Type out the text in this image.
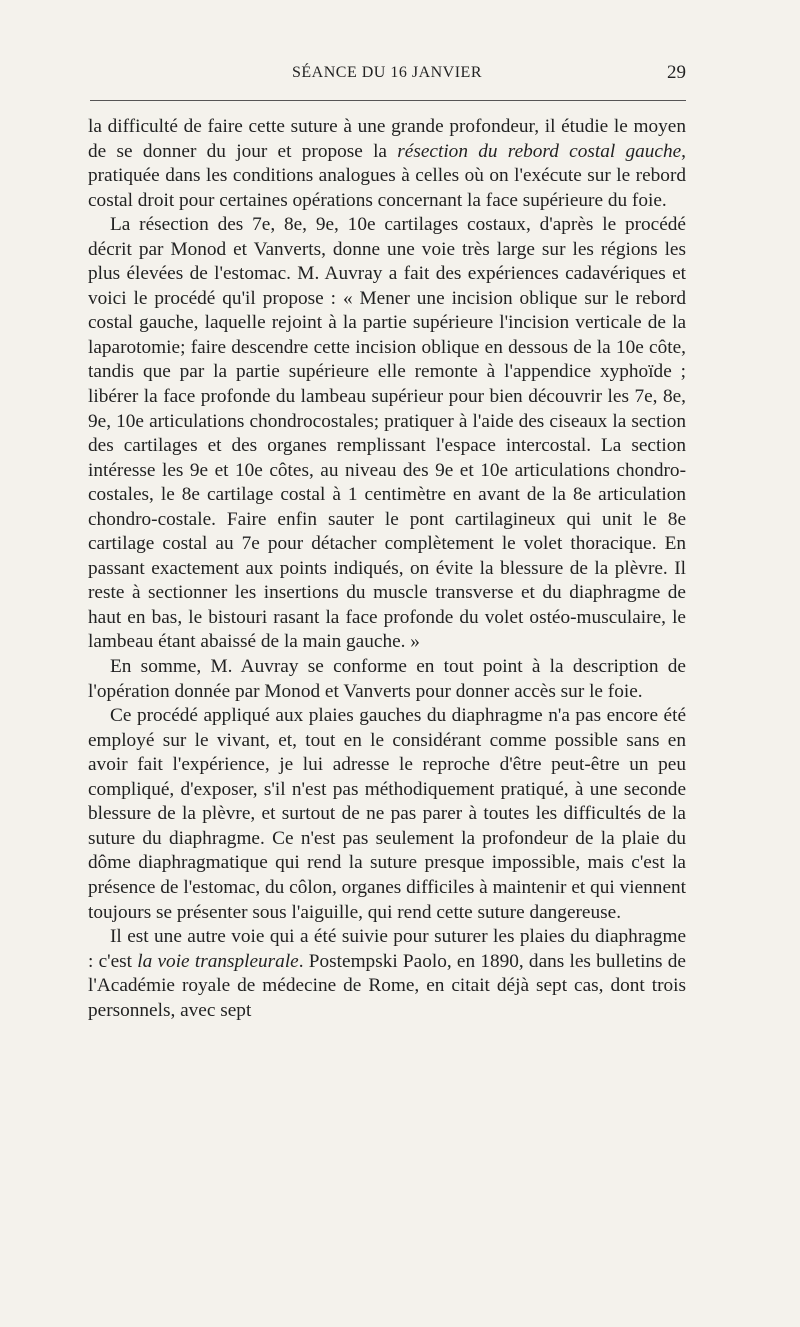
SÉANCE DU 16 JANVIER	29

la difficulté de faire cette suture à une grande profondeur, il étudie le moyen de se donner du jour et propose la résection du rebord costal gauche, pratiquée dans les conditions analogues à celles où on l'exécute sur le rebord costal droit pour certaines opérations concernant la face supérieure du foie.

La résection des 7e, 8e, 9e, 10e cartilages costaux, d'après le procédé décrit par Monod et Vanverts, donne une voie très large sur les régions les plus élevées de l'estomac. M. Auvray a fait des expériences cadavériques et voici le procédé qu'il propose : « Mener une incision oblique sur le rebord costal gauche, laquelle rejoint à la partie supérieure l'incision verticale de la laparotomie; faire descendre cette incision oblique en dessous de la 10e côte, tandis que par la partie supérieure elle remonte à l'appendice xyphoïde ; libérer la face profonde du lambeau supérieur pour bien découvrir les 7e, 8e, 9e, 10e articulations chondrocostales; pratiquer à l'aide des ciseaux la section des cartilages et des organes remplissant l'espace intercostal. La section intéresse les 9e et 10e côtes, au niveau des 9e et 10e articulations chondro-costales, le 8e cartilage costal à 1 centimètre en avant de la 8e articulation chondro-costale. Faire enfin sauter le pont cartilagineux qui unit le 8e cartilage costal au 7e pour détacher complètement le volet thoracique. En passant exactement aux points indiqués, on évite la blessure de la plèvre. Il reste à sectionner les insertions du muscle transverse et du diaphragme de haut en bas, le bistouri rasant la face profonde du volet ostéo-musculaire, le lambeau étant abaissé de la main gauche. »

En somme, M. Auvray se conforme en tout point à la description de l'opération donnée par Monod et Vanverts pour donner accès sur le foie.

Ce procédé appliqué aux plaies gauches du diaphragme n'a pas encore été employé sur le vivant, et, tout en le considérant comme possible sans en avoir fait l'expérience, je lui adresse le reproche d'être peut-être un peu compliqué, d'exposer, s'il n'est pas méthodiquement pratiqué, à une seconde blessure de la plèvre, et surtout de ne pas parer à toutes les difficultés de la suture du diaphragme. Ce n'est pas seulement la profondeur de la plaie du dôme diaphragmatique qui rend la suture presque impossible, mais c'est la présence de l'estomac, du côlon, organes difficiles à maintenir et qui viennent toujours se présenter sous l'aiguille, qui rend cette suture dangereuse.

Il est une autre voie qui a été suivie pour suturer les plaies du diaphragme : c'est la voie transpleurale. Postempski Paolo, en 1890, dans les bulletins de l'Académie royale de médecine de Rome, en citait déjà sept cas, dont trois personnels, avec sept
